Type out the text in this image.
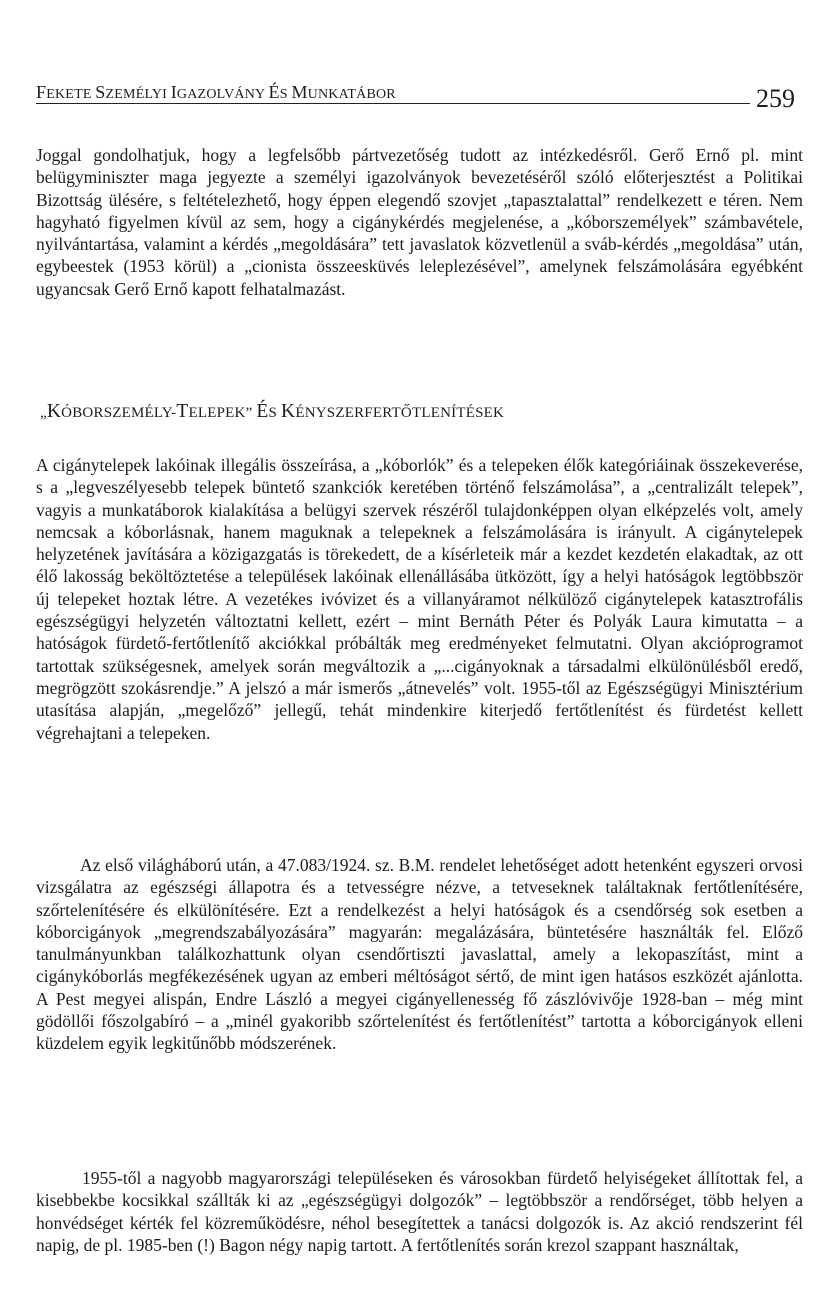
FEKETE SZEMÉLYI IGAZOLVÁNY ÉS MUNKATÁBOR	259

Joggal gondolhatjuk, hogy a legfelsőbb pártvezetőség tudott az intézkedésről. Gerő Ernő pl. mint belügyminiszter maga jegyezte a személyi igazolványok bevezetéséről szóló előterjesztést a Politikai Bizottság ülésére, s feltételezhető, hogy éppen elegendő szovjet „tapasztalattal” rendelkezett e téren. Nem hagyható figyelmen kívül az sem, hogy a cigánykérdés megjelenése, a „kóborszemélyek” számbavétele, nyilvántartása, valamint a kérdés „megoldására” tett javaslatok közvetlenül a sváb-kérdés „megoldása” után, egybeestek (1953 körül) a „cionista összeesküvés leleplezésével”, amelynek felszámolására egyébként ugyancsak Gerő Ernő kapott felhatalmazást.

„KÓBORSZEMÉLY-TELEPEK” ÉS KÉNYSZERFERTŐTLENÍTÉSEK

A cigánytelepek lakóinak illegális összeírása, a „kóborlók” és a telepeken élők kategóriáinak összekeverése, s a „legveszélyesebb telepek büntető szankciók keretében történő felszámolása”, a „centralizált telepek”, vagyis a munkatáborok kialakítása a belügyi szervek részéről tulajdonképpen olyan elképzelés volt, amely nemcsak a kóborlásnak, hanem maguknak a telepeknek a felszámolására is irányult. A cigánytelepek helyzetének javítására a közigazgatás is törekedett, de a kísérleteik már a kezdet kezdetén elakadtak, az ott élő lakosság beköltöztetése a települések lakóinak ellenállásába ütközött, így a helyi hatóságok legtöbbször új telepeket hoztak létre. A vezetékes ivóvizet és a villanyáramot nélkülöző cigánytelepek katasztrofális egészségügyi helyzetén változtatni kellett, ezért – mint Bernáth Péter és Polyák Laura kimutatta – a hatóságok fürdető-fertőtlenítő akciókkal próbálták meg eredményeket felmutatni. Olyan akcióprogramot tartottak szükségesnek, amelyek során megváltozik a „...cigányoknak a társadalmi elkülönülésből eredő, megrögzött szokásrendje.” A jelszó a már ismerős „átnevelés” volt. 1955-től az Egészségügyi Minisztérium utasítása alapján, „megelőző” jellegű, tehát mindenkire kiterjedő fertőtlenítést és fürdetést kellett végrehajtani a telepeken.

Az első világháború után, a 47.083/1924. sz. B.M. rendelet lehetőséget adott hetenként egyszeri orvosi vizsgálatra az egészségi állapotra és a tetvességre nézve, a tetveseknek találtaknak fertőtlenítésére, szőrtelenítésére és elkülönítésére. Ezt a rendelkezést a helyi hatóságok és a csendőrség sok esetben a kóborcigányok „megrendszabályozására” magyarán: megalázására, büntetésére használták fel. Előző tanulmányunkban találkozhattunk olyan csendőrtiszti javaslattal, amely a lekopaszítást, mint a cigánykóborlás megfékezésének ugyan az emberi méltóságot sértő, de mint igen hatásos eszközét ajánlotta. A Pest megyei alispán, Endre László a megyei cigányellenesség fő zászlóvivője 1928-ban – még mint gödöllői főszolgabíró – a „minél gyakoribb szőrtelenítést és fertőtlenítést” tartotta a kóborcigányok elleni küzdelem egyik legkitűnőbb módszerének.

1955-től a nagyobb magyarországi településeken és városokban fürdető helyiségeket állítottak fel, a kisebbekbe kocsikkal szállták ki az „egészségügyi dolgozók” – legtöbbször a rendőrséget, több helyen a honvédséget kérték fel közreműködésre, néhol besegítettek a tanácsi dolgozók is. Az akció rendszerint fél napig, de pl. 1985-ben (!) Bagon négy napig tartott. A fertőtlenítés során krezol szappant használtak,
